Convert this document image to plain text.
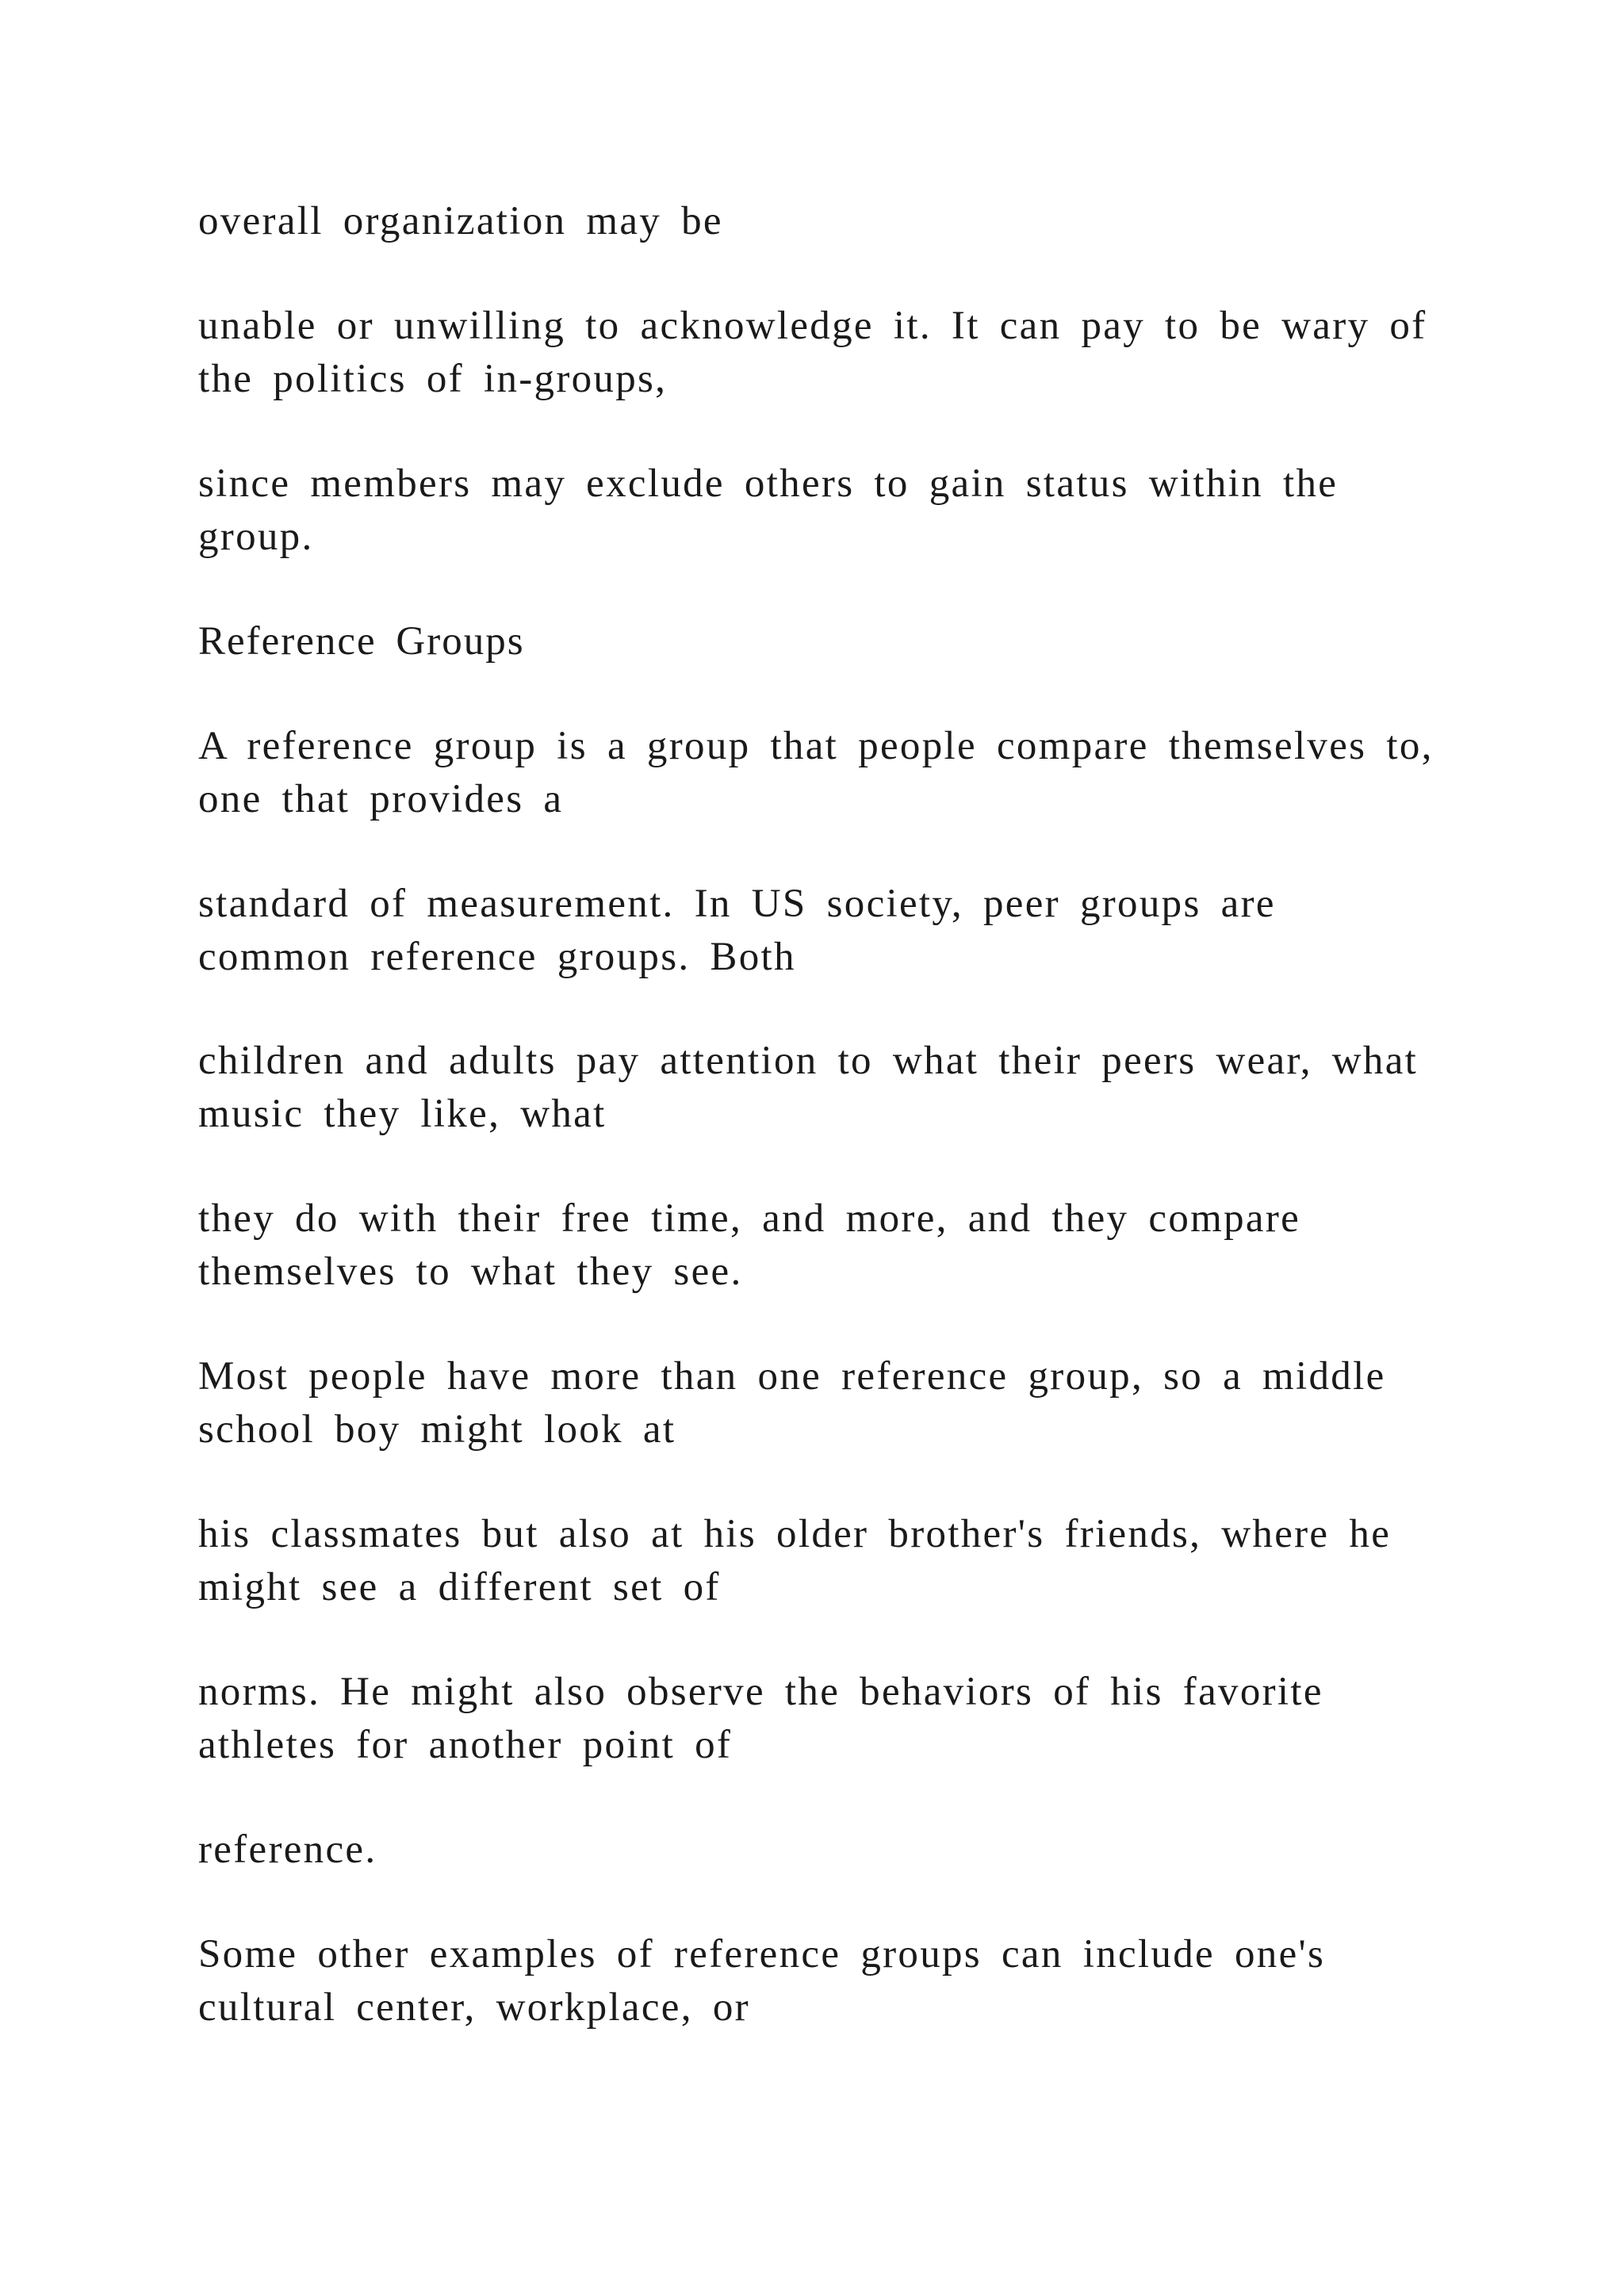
overall organization may be

unable or unwilling to acknowledge it. It can pay to be wary of

the politics of in-groups,

since members may exclude others to gain status within the

group.

Reference Groups

A reference group is a group that people compare themselves to,

one that provides a

standard of measurement. In US society, peer groups are

common reference groups. Both

children and adults pay attention to what their peers wear, what

music they like, what

they do with their free time, and more, and they compare

themselves to what they see.

Most people have more than one reference group, so a middle

school boy might look at

his classmates but also at his older brother's friends, where he

might see a different set of

norms. He might also observe the behaviors of his favorite

athletes for another point of

reference.

Some other examples of reference groups can include one's

cultural center, workplace, or
